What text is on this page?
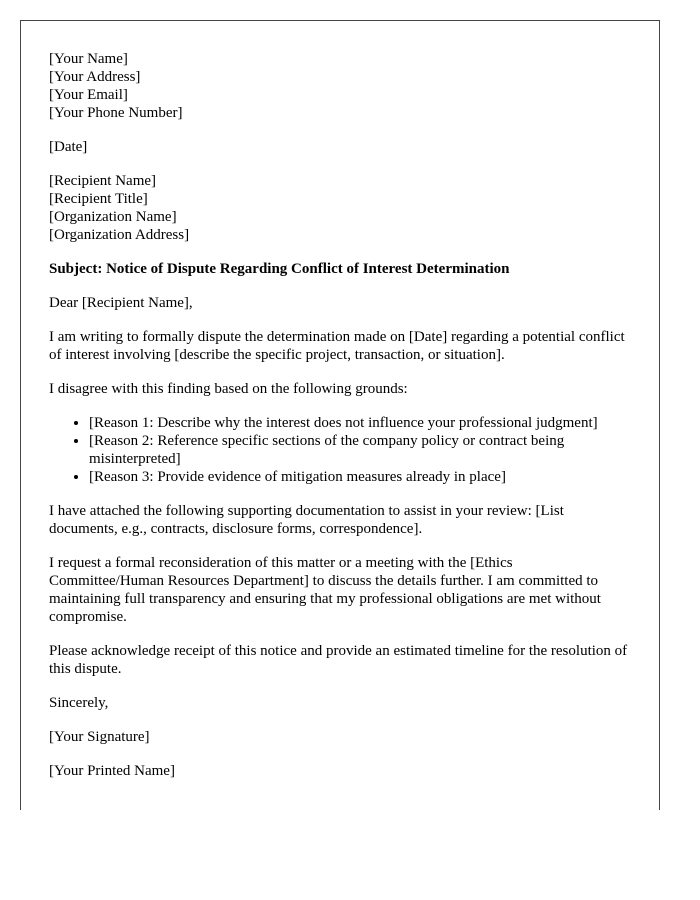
[Your Name]
[Your Address]
[Your Email]
[Your Phone Number]

[Date]

[Recipient Name]
[Recipient Title]
[Organization Name]
[Organization Address]

Subject: Notice of Dispute Regarding Conflict of Interest Determination

Dear [Recipient Name],

I am writing to formally dispute the determination made on [Date] regarding a potential conflict of interest involving [describe the specific project, transaction, or situation].

I disagree with this finding based on the following grounds:

• [Reason 1: Describe why the interest does not influence your professional judgment]
• [Reason 2: Reference specific sections of the company policy or contract being misinterpreted]
• [Reason 3: Provide evidence of mitigation measures already in place]

I have attached the following supporting documentation to assist in your review: [List documents, e.g., contracts, disclosure forms, correspondence].

I request a formal reconsideration of this matter or a meeting with the [Ethics Committee/Human Resources Department] to discuss the details further. I am committed to maintaining full transparency and ensuring that my professional obligations are met without compromise.

Please acknowledge receipt of this notice and provide an estimated timeline for the resolution of this dispute.

Sincerely,

[Your Signature]

[Your Printed Name]
